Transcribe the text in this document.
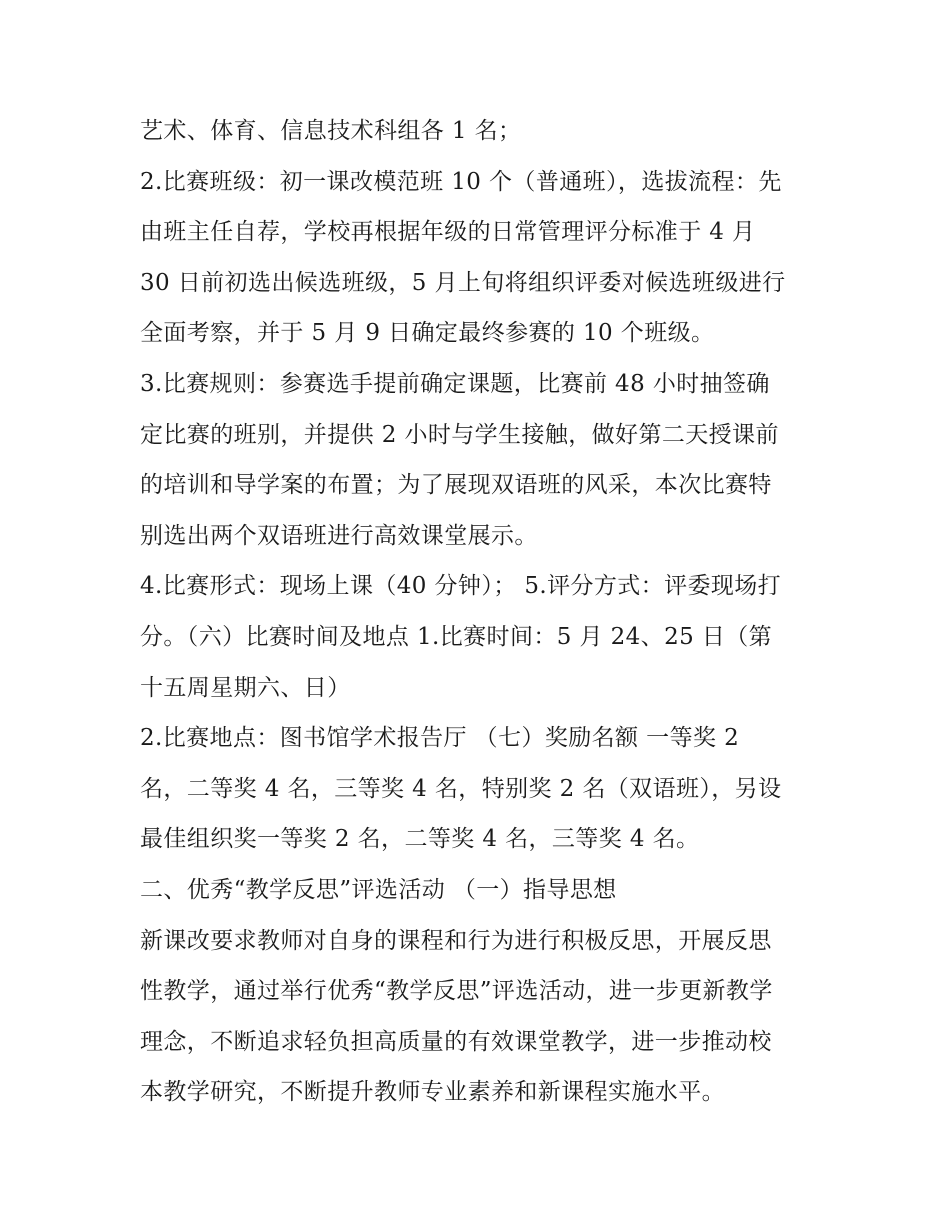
艺术、体育、信息技术科组各 1 名；
2.比赛班级：初一课改模范班 10 个（普通班），选拔流程：先
由班主任自荐，学校再根据年级的日常管理评分标准于 4 月
30 日前初选出候选班级，5 月上旬将组织评委对候选班级进行
全面考察，并于 5 月 9 日确定最终参赛的 10 个班级。
3.比赛规则：参赛选手提前确定课题，比赛前 48 小时抽签确
定比赛的班别，并提供 2 小时与学生接触，做好第二天授课前
的培训和导学案的布置；为了展现双语班的风采，本次比赛特
别选出两个双语班进行高效课堂展示。
4.比赛形式：现场上课（40 分钟）； 5.评分方式：评委现场打
分。（六）比赛时间及地点 1.比赛时间：5 月 24、25 日（第
十五周星期六、日）
2.比赛地点：图书馆学术报告厅 （七）奖励名额 一等奖 2
名，二等奖 4 名，三等奖 4 名，特别奖 2 名（双语班），另设
最佳组织奖一等奖 2 名，二等奖 4 名，三等奖 4 名。
二、优秀“教学反思”评选活动 （一）指导思想
新课改要求教师对自身的课程和行为进行积极反思，开展反思
性教学，通过举行优秀“教学反思”评选活动，进一步更新教学
理念，不断追求轻负担高质量的有效课堂教学，进一步推动校
本教学研究，不断提升教师专业素养和新课程实施水平。
